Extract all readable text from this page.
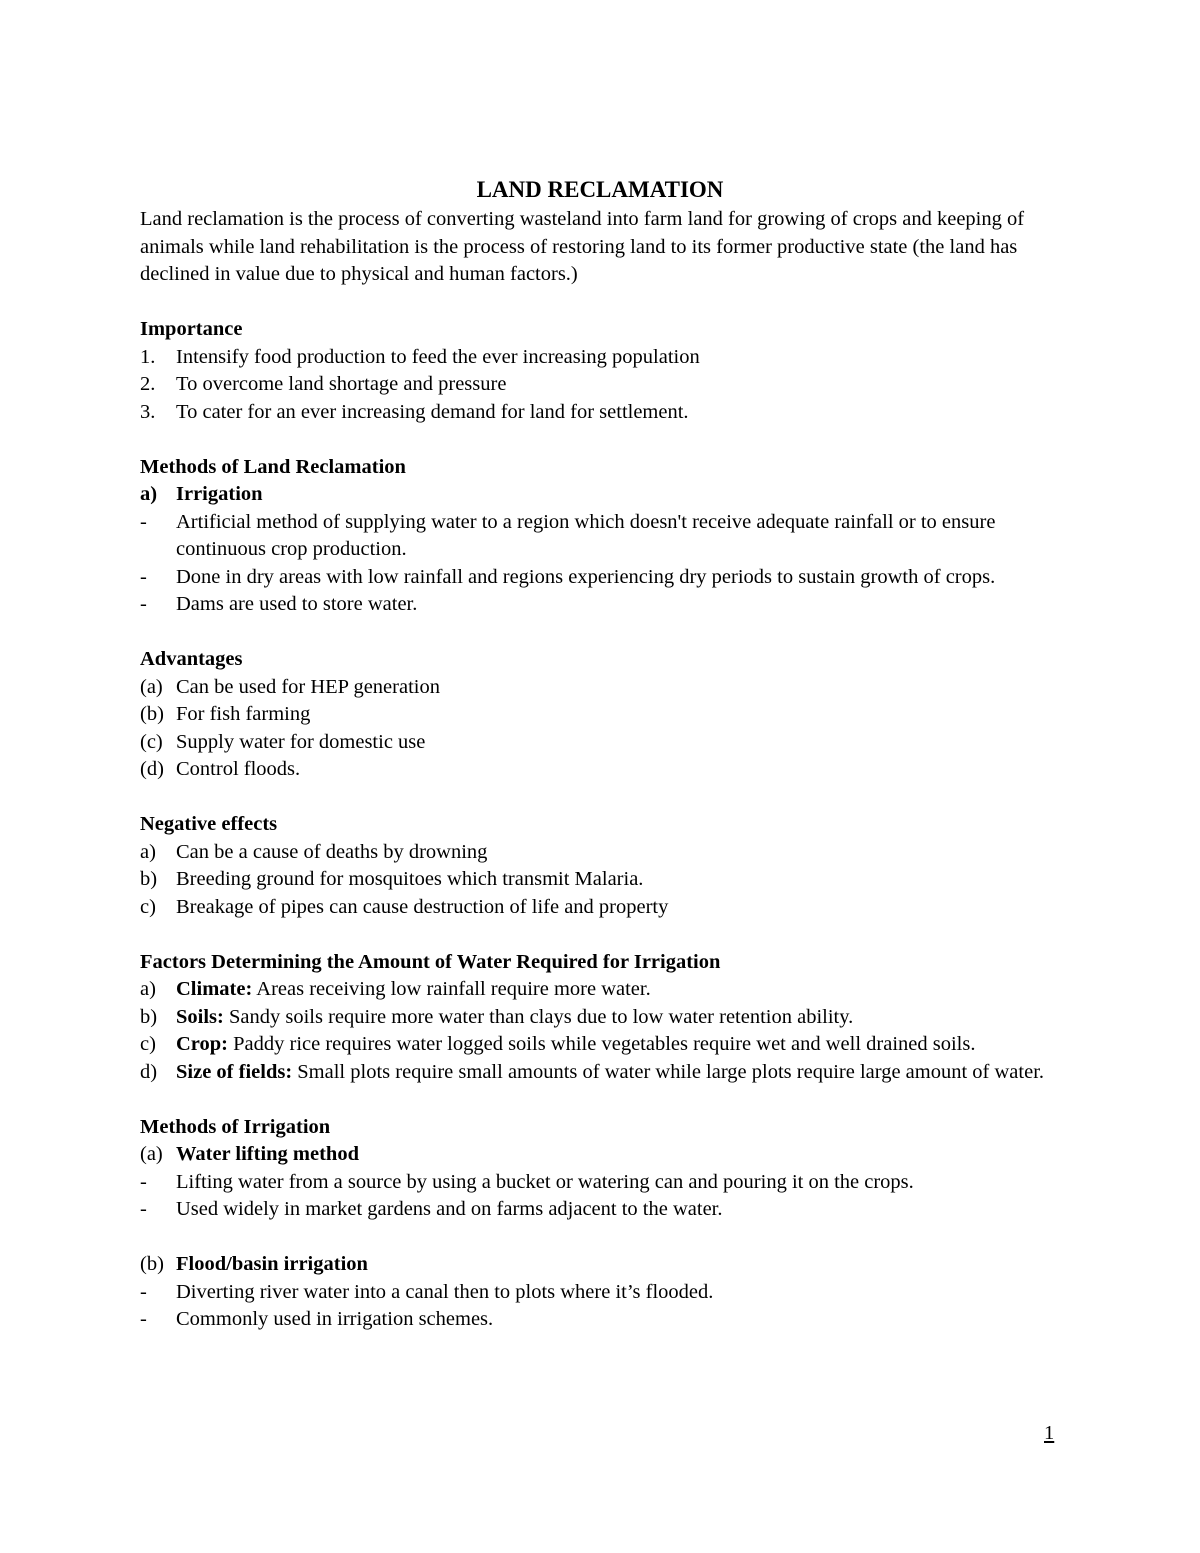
LAND RECLAMATION

Land reclamation is the process of converting wasteland into farm land for growing of crops and keeping of animals while land rehabilitation is the process of restoring land to its former productive state (the land has declined in value due to physical and human factors.)

Importance

1.	Intensify food production to feed the ever increasing population
2.	To overcome land shortage and pressure
3.	To cater for an ever increasing demand for land for settlement.

Methods of Land Reclamation

a) Irrigation
-	Artificial method of supplying water to a region which doesn't receive adequate rainfall or to ensure continuous crop production.
-	Done in dry areas with low rainfall and regions experiencing dry periods to sustain growth of crops.
-	Dams are used to store water.

Advantages

(a) Can be used for HEP generation
(b) For fish farming
(c) Supply water for domestic use
(d) Control floods.

Negative effects

a) Can be a cause of deaths by drowning
b) Breeding ground for mosquitoes which transmit Malaria.
c) Breakage of pipes can cause destruction of life and property

Factors Determining the Amount of Water Required for Irrigation

a) Climate: Areas receiving low rainfall require more water.
b) Soils: Sandy soils require more water than clays due to low water retention ability.
c) Crop: Paddy rice requires water logged soils while vegetables require wet and well drained soils.
d) Size of fields: Small plots require small amounts of water while large plots require large amount of water.

Methods of Irrigation

(a) Water lifting method
-	Lifting water from a source by using a bucket or watering can and pouring it on the crops.
-	Used widely in market gardens and on farms adjacent to the water.
(b) Flood/basin irrigation
-	Diverting river water into a canal then to plots where it’s flooded.
-	Commonly used in irrigation schemes.
1
